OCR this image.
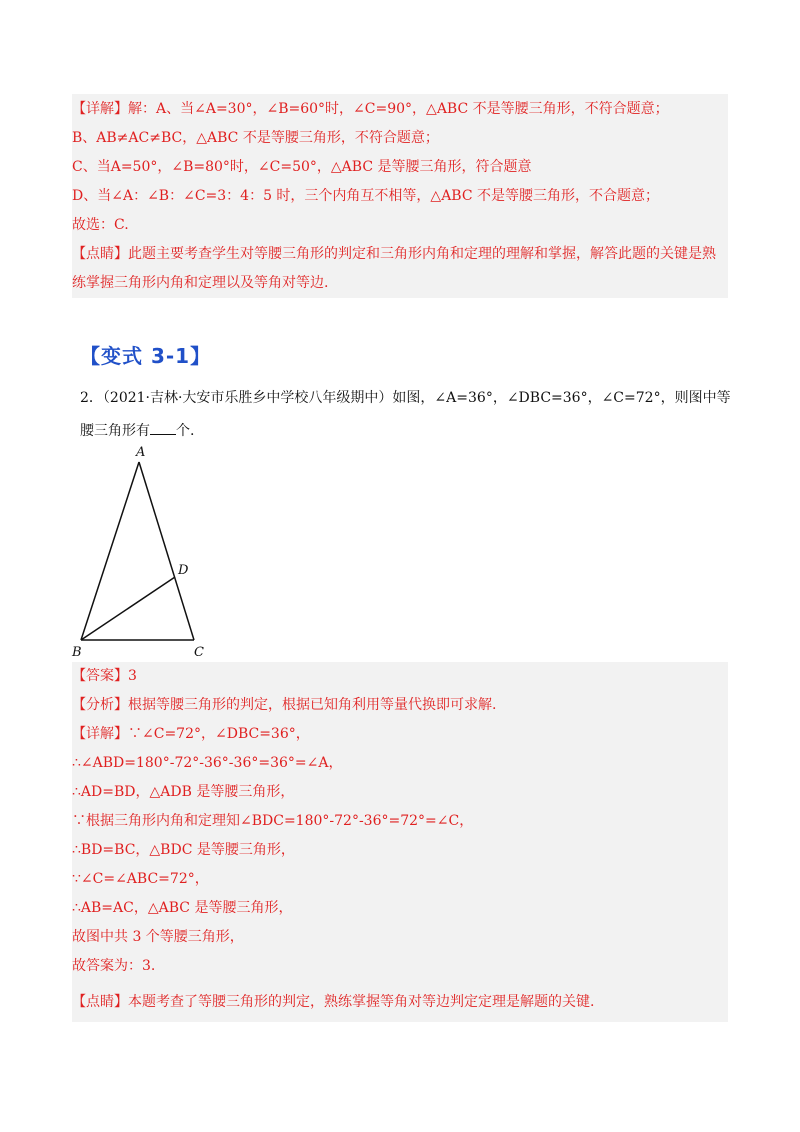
【详解】解：A、当∠A=30°，∠B=60°时，∠C=90°，△ABC 不是等腰三角形，不符合题意；
B、AB≠AC≠BC，△ABC 不是等腰三角形，不符合题意；
C、当A=50°，∠B=80°时，∠C=50°，△ABC 是等腰三角形，符合题意
D、当∠A：∠B：∠C=3：4：5 时，三个内角互不相等，△ABC 不是等腰三角形，不合题意；
故选：C.
【点睛】此题主要考查学生对等腰三角形的判定和三角形内角和定理的理解和掌握，解答此题的关键是熟
练掌握三角形内角和定理以及等角对等边.
【变式 3-1】
2．（2021·吉林·大安市乐胜乡中学校八年级期中）如图，∠A=36°，∠DBC=36°，∠C=72°，则图中等
腰三角形有 个.
A
B	C
D
【答案】3
【分析】根据等腰三角形的判定，根据已知角利用等量代换即可求解.
【详解】∵∠C=72°，∠DBC=36°，
∴∠ABD=180°-72°-36°-36°=36°=∠A，
∴AD=BD，△ADB 是等腰三角形，
∵根据三角形内角和定理知∠BDC=180°-72°-36°=72°=∠C，
∴BD=BC，△BDC 是等腰三角形，
∵∠C=∠ABC=72°，
∴AB=AC，△ABC 是等腰三角形，
故图中共 3 个等腰三角形，
故答案为：3.
【点睛】本题考查了等腰三角形的判定，熟练掌握等角对等边判定定理是解题的关键.
